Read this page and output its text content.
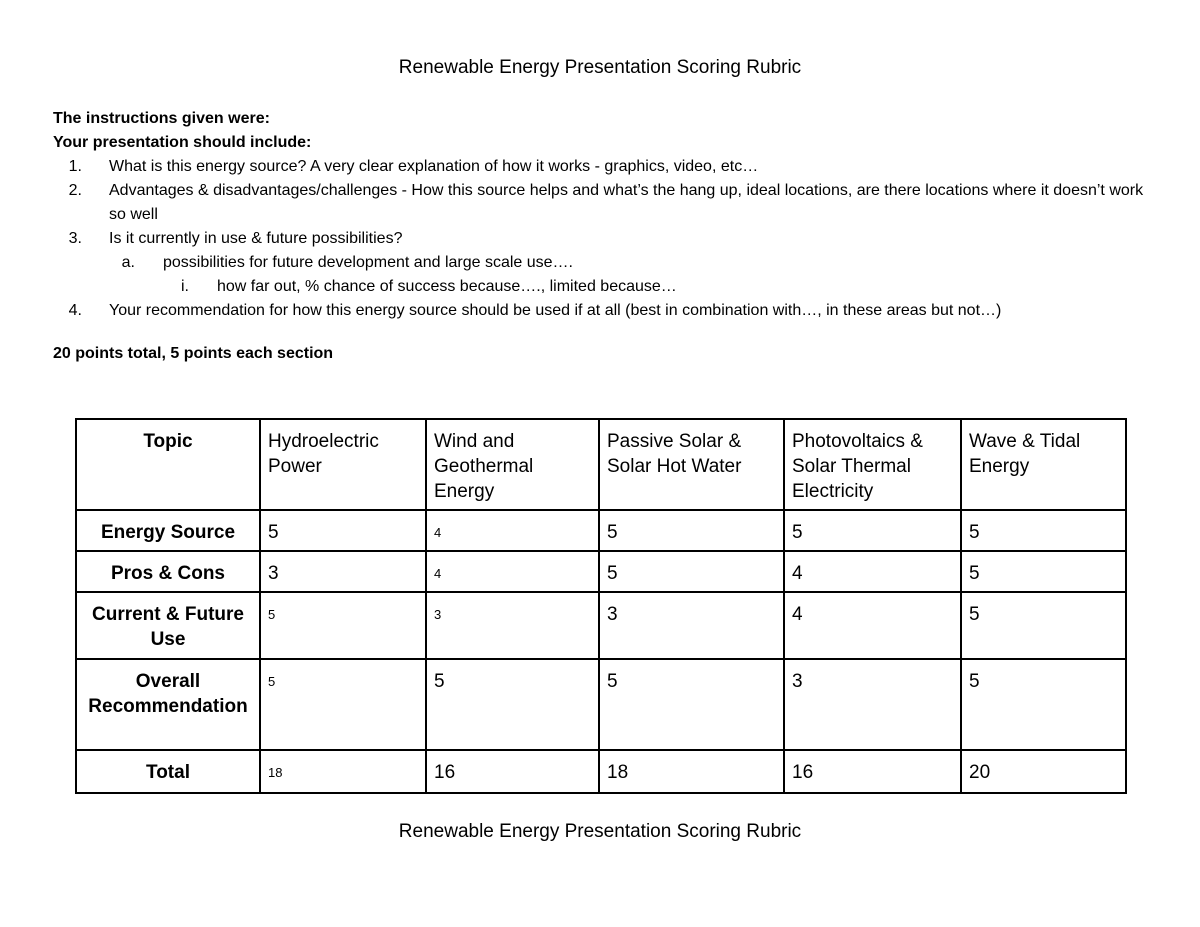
Renewable Energy Presentation Scoring Rubric
The instructions given were:
Your presentation should include:
1. What is this energy source? A very clear explanation of how it works - graphics, video, etc…
2. Advantages & disadvantages/challenges - How this source helps and what’s the hang up, ideal locations, are there locations where it doesn’t work so well
3. Is it currently in use & future possibilities?
a. possibilities for future development and large scale use….
i. how far out, % chance of success because…., limited because…
4. Your recommendation for how this energy source should be used if at all (best in combination with…, in these areas but not…)
20 points total, 5 points each section
Topic	Hydroelectric Power	Wind and Geothermal Energy	Passive Solar & Solar Hot Water	Photovoltaics & Solar Thermal Electricity	Wave & Tidal Energy
Energy Source	5	4	5	5	5
Pros & Cons	3	4	5	4	5
Current & Future Use	5	3	3	4	5
Overall Recommendation	5	5	5	3	5
Total	18	16	18	16	20
Renewable Energy Presentation Scoring Rubric
